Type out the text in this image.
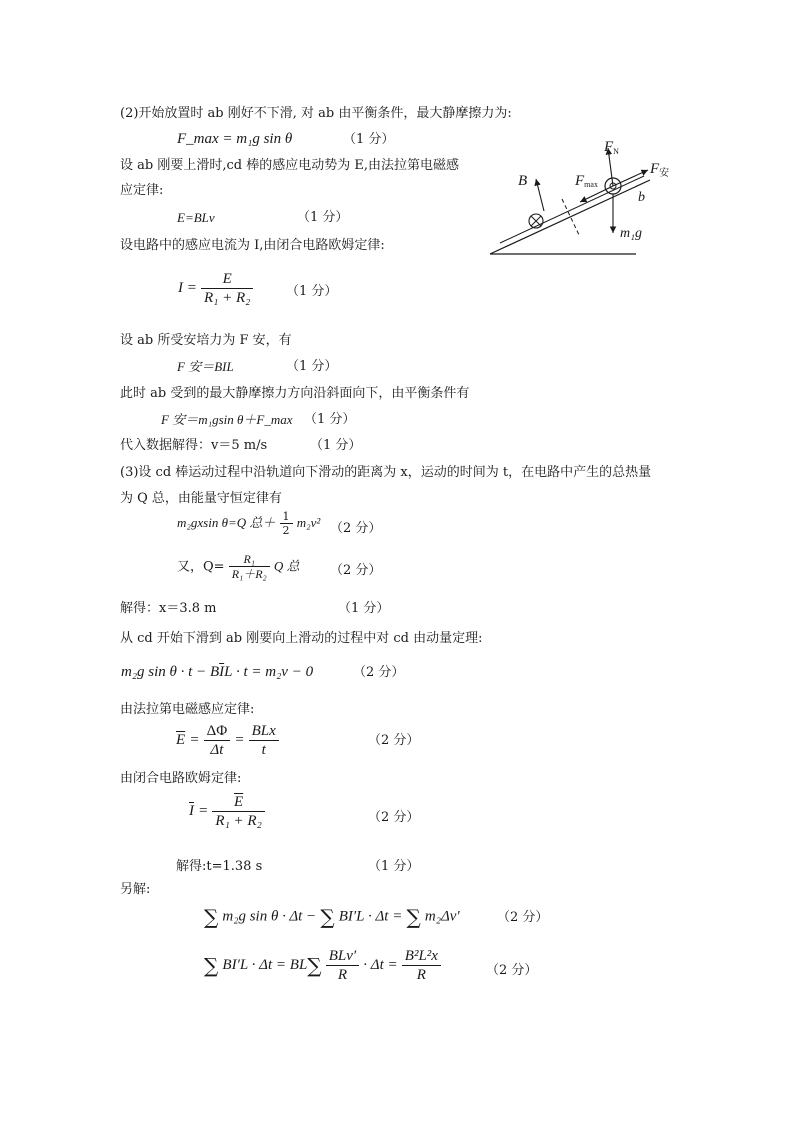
(2)开始放置时 ab 刚好不下滑, 对 ab 由平衡条件，最大静摩擦力为:
F_max = m₁g sin θ	（1 分）
设 ab 刚要上滑时,cd 棒的感应电动势为 E,由法拉第电磁感
应定律:
E=BLv	（1 分）
设电路中的感应电流为 I,由闭合电路欧姆定律:
$I = \frac{E}{\text{R₁ + R₂}}$	（1 分）
设 ab 所受安培力为 F 安，有
F 安＝BIL	（1 分）
此时 ab 受到的最大静摩擦力方向沿斜面向下，由平衡条件有
F 安＝m₁gsin θ＋F_max （1 分）
代入数据解得：v＝5 m/s	（1 分）
(3)设 cd 棒运动过程中沿轨道向下滑动的距离为 x，运动的时间为 t，在电路中产生的总热量
为 Q 总，由能量守恒定律有
m₂gxsin θ=Q 总＋ $\frac{1}{2} m_2v^2$ （2 分）
又，$Q= \frac{\text{R₁}}{\text{R₁＋R₂}}$ Q 总 （2 分）
解得：x＝3.8 m	（1 分）
从 cd 开始下滑到 ab 刚要向上滑动的过程中对 cd 由动量定理:
m₂g $\sin \theta \cdot t - B\overline{I}L \cdot t = m_2v - 0$	（2 分）
由法拉第电磁感应定律:
$\overline{E} = \frac{\Delta\Phi}{\Delta t} = \frac{\text{BLx}}{t}$	（2 分）
由闭合电路欧姆定律:
$\overline{I} = \frac{\overline{E}}{\text{R₁ + R₂}}$	（2 分）
解得:t=1.38 s	（1 分）
另解:
∑ m₂g sin θ · Δt − ∑ BI′L · Δt = ∑ m₂Δv′	（2 分）
∑ $BI'L \cdot \Delta t = BL\sum \frac{\text{BLv′}}{R} \cdot \Delta t = \frac{\text{B²L²x}}{R}$	（2 分）
B
$F_N$
$F_安$
Fmax
b
m₁g
